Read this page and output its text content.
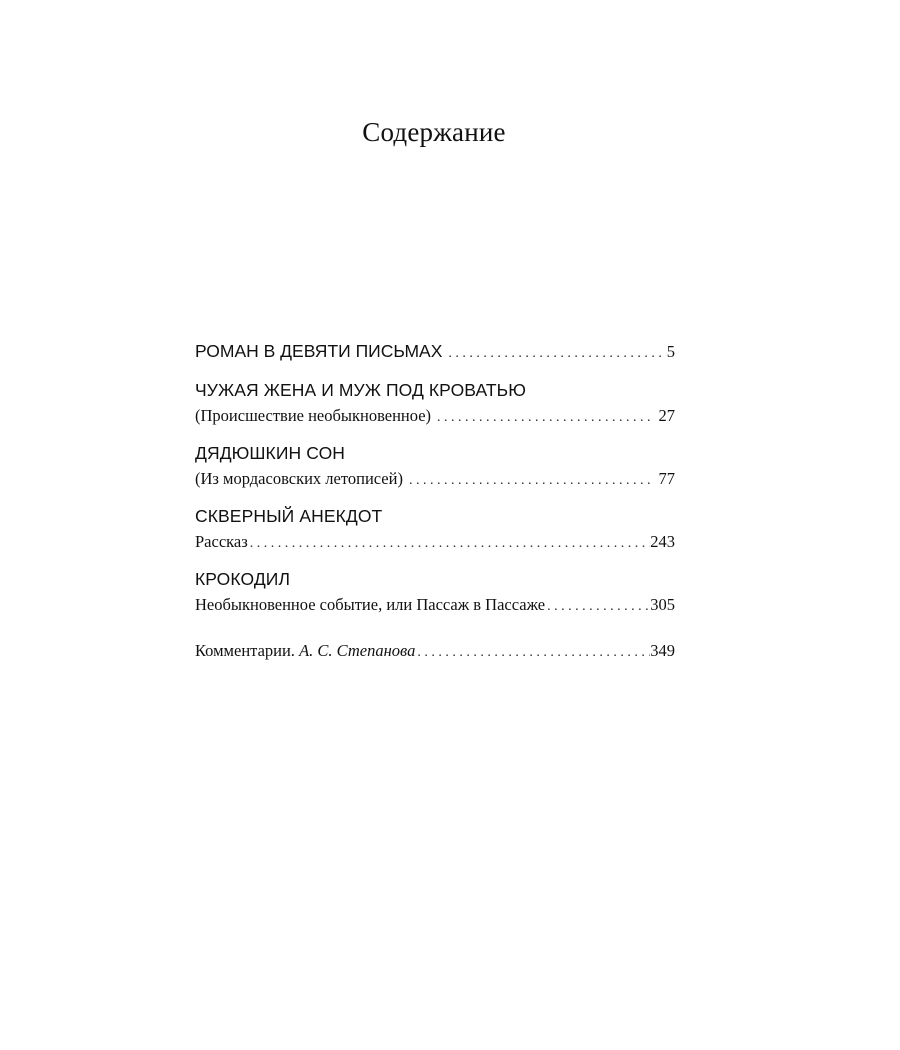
Содержание
РОМАН В ДЕВЯТИ ПИСЬМАХ . . .	5
ЧУЖАЯ ЖЕНА И МУЖ ПОД КРОВАТЬЮ
(Происшествие необыкновенное) . . .	27
ДЯДЮШКИН СОН
(Из мордасовских летописей) . . .	77
СКВЕРНЫЙ АНЕКДОТ
Рассказ . . .	243
КРОКОДИЛ
Необыкновенное событие, или Пассаж в Пассаже . . .	305
Комментарии. А. С. Степанова . . .	349
